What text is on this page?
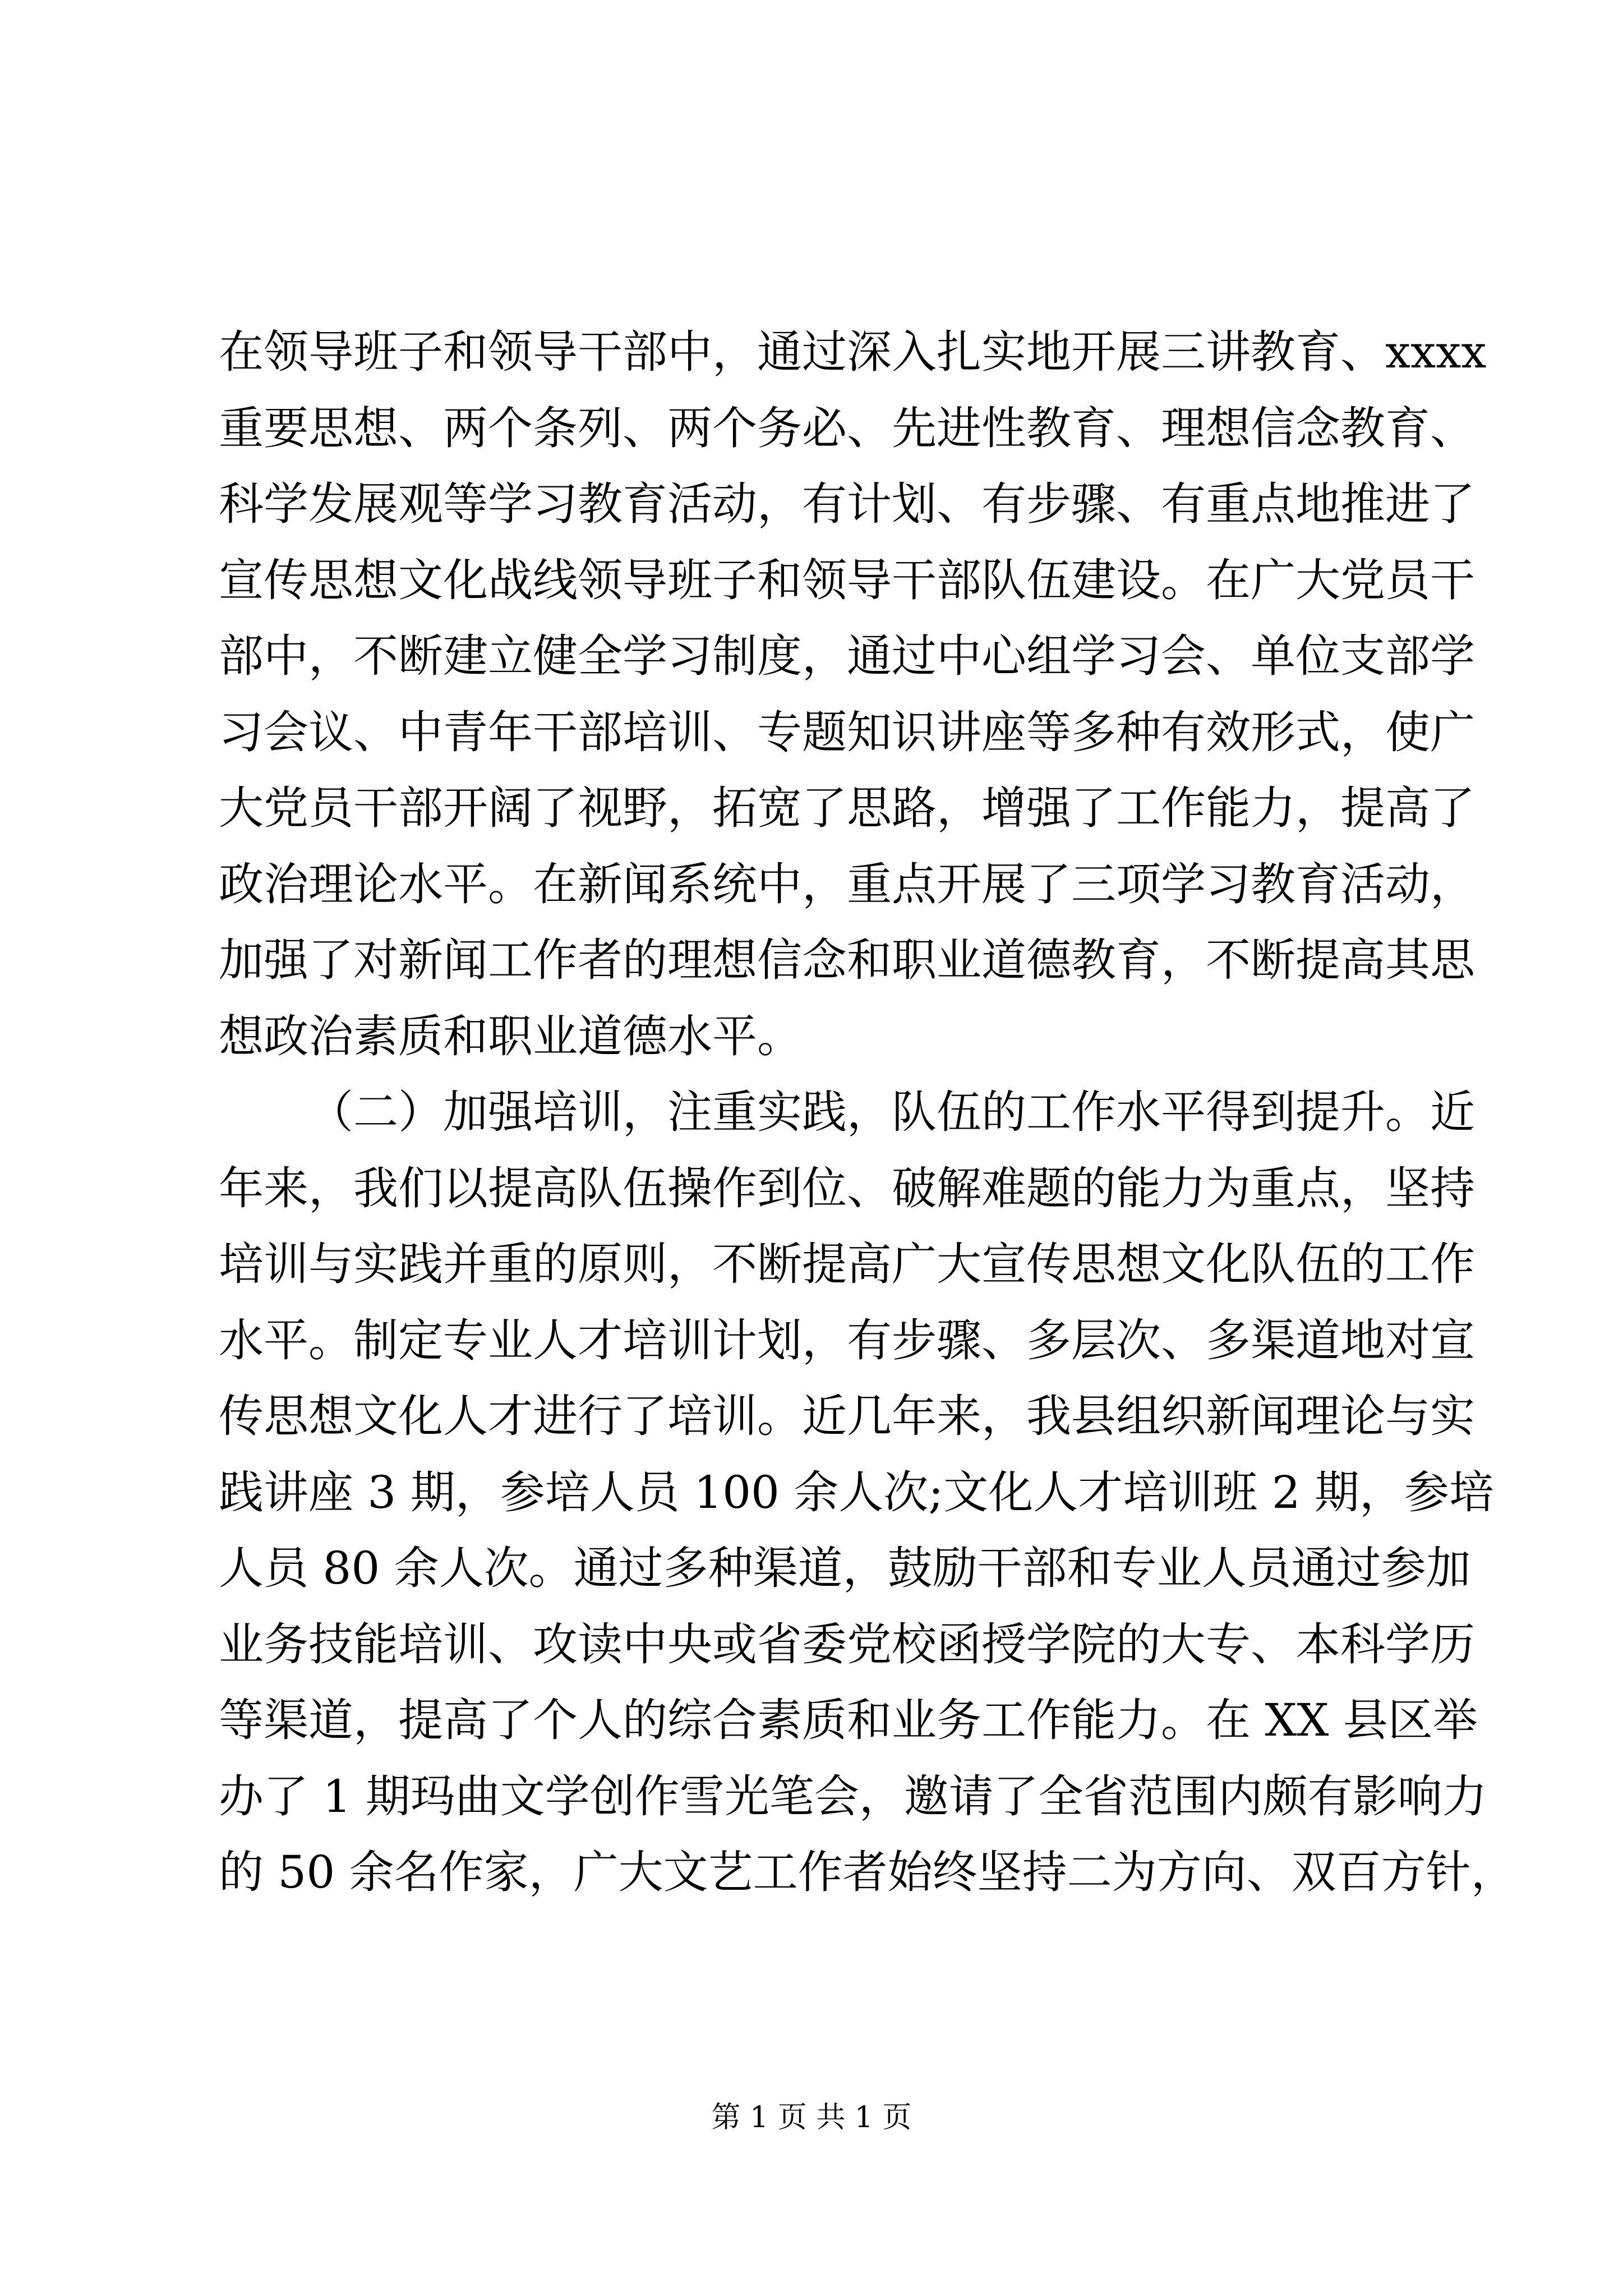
在领导班子和领导干部中，通过深入扎实地开展三讲教育、xxxx
重要思想、两个条列、两个务必、先进性教育、理想信念教育、
科学发展观等学习教育活动，有计划、有步骤、有重点地推进了
宣传思想文化战线领导班子和领导干部队伍建设。在广大党员干
部中，不断建立健全学习制度，通过中心组学习会、单位支部学
习会议、中青年干部培训、专题知识讲座等多种有效形式，使广
大党员干部开阔了视野，拓宽了思路，增强了工作能力，提高了
政治理论水平。在新闻系统中，重点开展了三项学习教育活动，
加强了对新闻工作者的理想信念和职业道德教育，不断提高其思
想政治素质和职业道德水平。
（二）加强培训，注重实践，队伍的工作水平得到提升。近
年来，我们以提高队伍操作到位、破解难题的能力为重点，坚持
培训与实践并重的原则，不断提高广大宣传思想文化队伍的工作
水平。制定专业人才培训计划，有步骤、多层次、多渠道地对宣
传思想文化人才进行了培训。近几年来，我县组织新闻理论与实
践讲座 3 期，参培人员 100 余人次;文化人才培训班 2 期，参培
人员 80 余人次。通过多种渠道，鼓励干部和专业人员通过参加
业务技能培训、攻读中央或省委党校函授学院的大专、本科学历
等渠道，提高了个人的综合素质和业务工作能力。在 XX 县区举
办了 1 期玛曲文学创作雪光笔会，邀请了全省范围内颇有影响力
的 50 余名作家，广大文艺工作者始终坚持二为方向、双百方针，
第 1 页 共 1 页
